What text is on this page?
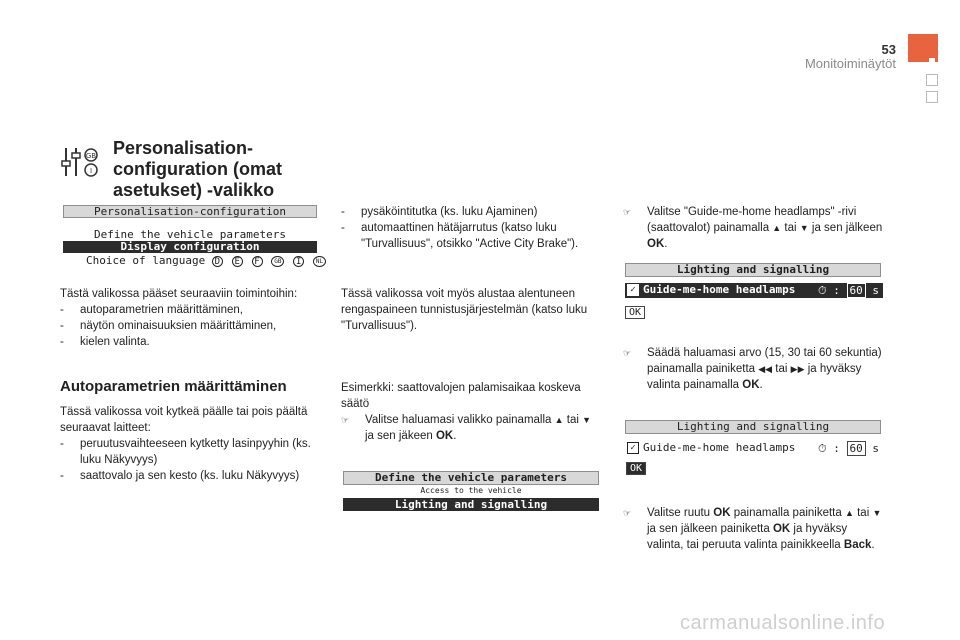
53
Monitoiminäytöt
GB
I
Personalisation-configuration (omat asetukset) -valikko
Personalisation-configuration
Define the vehicle parameters
Display configuration
Choice of language D E F GB I NL
Tästä valikossa pääset seuraaviin toimintoihin:
- autoparametrien määrittäminen,
- näytön ominaisuuksien määrittäminen,
- kielen valinta.
Autoparametrien määrittäminen
Tässä valikossa voit kytkeä päälle tai pois päältä seuraavat laitteet:
- peruutusvaihteeseen kytketty lasinpyyhin (ks. luku Näkyvyys)
- saattovalo ja sen kesto (ks. luku Näkyvyys)
- pysäköintitutka (ks. luku Ajaminen)
- automaattinen hätäjarrutus (katso luku "Turvallisuus", otsikko "Active City Brake").
Tässä valikossa voit myös alustaa alentuneen rengaspaineen tunnistusjärjestelmän (katso luku "Turvallisuus").
Esimerkki: saattovalojen palamisaikaa koskeva säätö
☞ Valitse haluamasi valikko painamalla ▲ tai ▼ ja sen jäkeen OK.
Define the vehicle parameters
Access to the vehicle
Lighting and signalling
☞ Valitse "Guide-me-home headlamps" -rivi (saattovalot) painamalla ▲ tai ▼ ja sen jälkeen OK.
Lighting and signalling
✓ Guide-me-home headlamps ⏱ : 60 s
OK
☞ Säädä haluamasi arvo (15, 30 tai 60 sekuntia) painamalla painiketta ◀◀ tai ▶▶ ja hyväksy valinta painamalla OK.
Lighting and signalling
✓ Guide-me-home headlamps ⏱ : 60 s
OK
☞ Valitse ruutu OK painamalla painiketta ▲ tai ▼ ja sen jälkeen painiketta OK ja hyväksy valinta, tai peruuta valinta painikkeella Back.
carmanualsonline.info
